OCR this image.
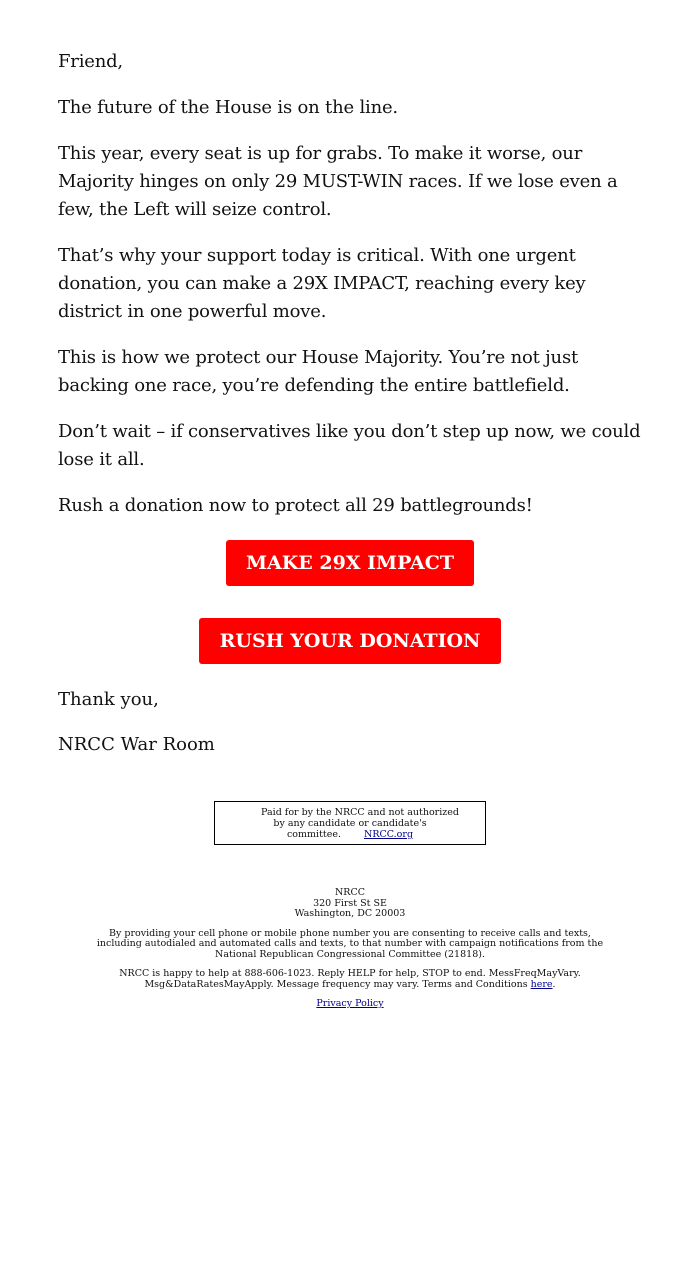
Friend,

The future of the House is on the line.

This year, every seat is up for grabs. To make it worse, our Majority hinges on only 29 MUST-WIN races. If we lose even a few, the Left will seize control.

That’s why your support today is critical. With one urgent donation, you can make a 29X IMPACT, reaching every key district in one powerful move.

This is how we protect our House Majority. You’re not just backing one race, you’re defending the entire battlefield.

Don’t wait – if conservatives like you don’t step up now, we could lose it all.

Rush a donation now to protect all 29 battlegrounds!

MAKE 29X IMPACT
RUSH YOUR DONATION

Thank you,

NRCC War Room

Paid for by the NRCC and not authorized by any candidate or candidate's committee. NRCC.org

NRCC
320 First St SE
Washington, DC 20003

By providing your cell phone or mobile phone number you are consenting to receive calls and texts, including autodialed and automated calls and texts, to that number with campaign notifications from the National Republican Congressional Committee (21818).

NRCC is happy to help at 888-606-1023. Reply HELP for help, STOP to end. MessFreqMayVary. Msg&DataRatesMayApply. Message frequency may vary. Terms and Conditions here.

Privacy Policy
